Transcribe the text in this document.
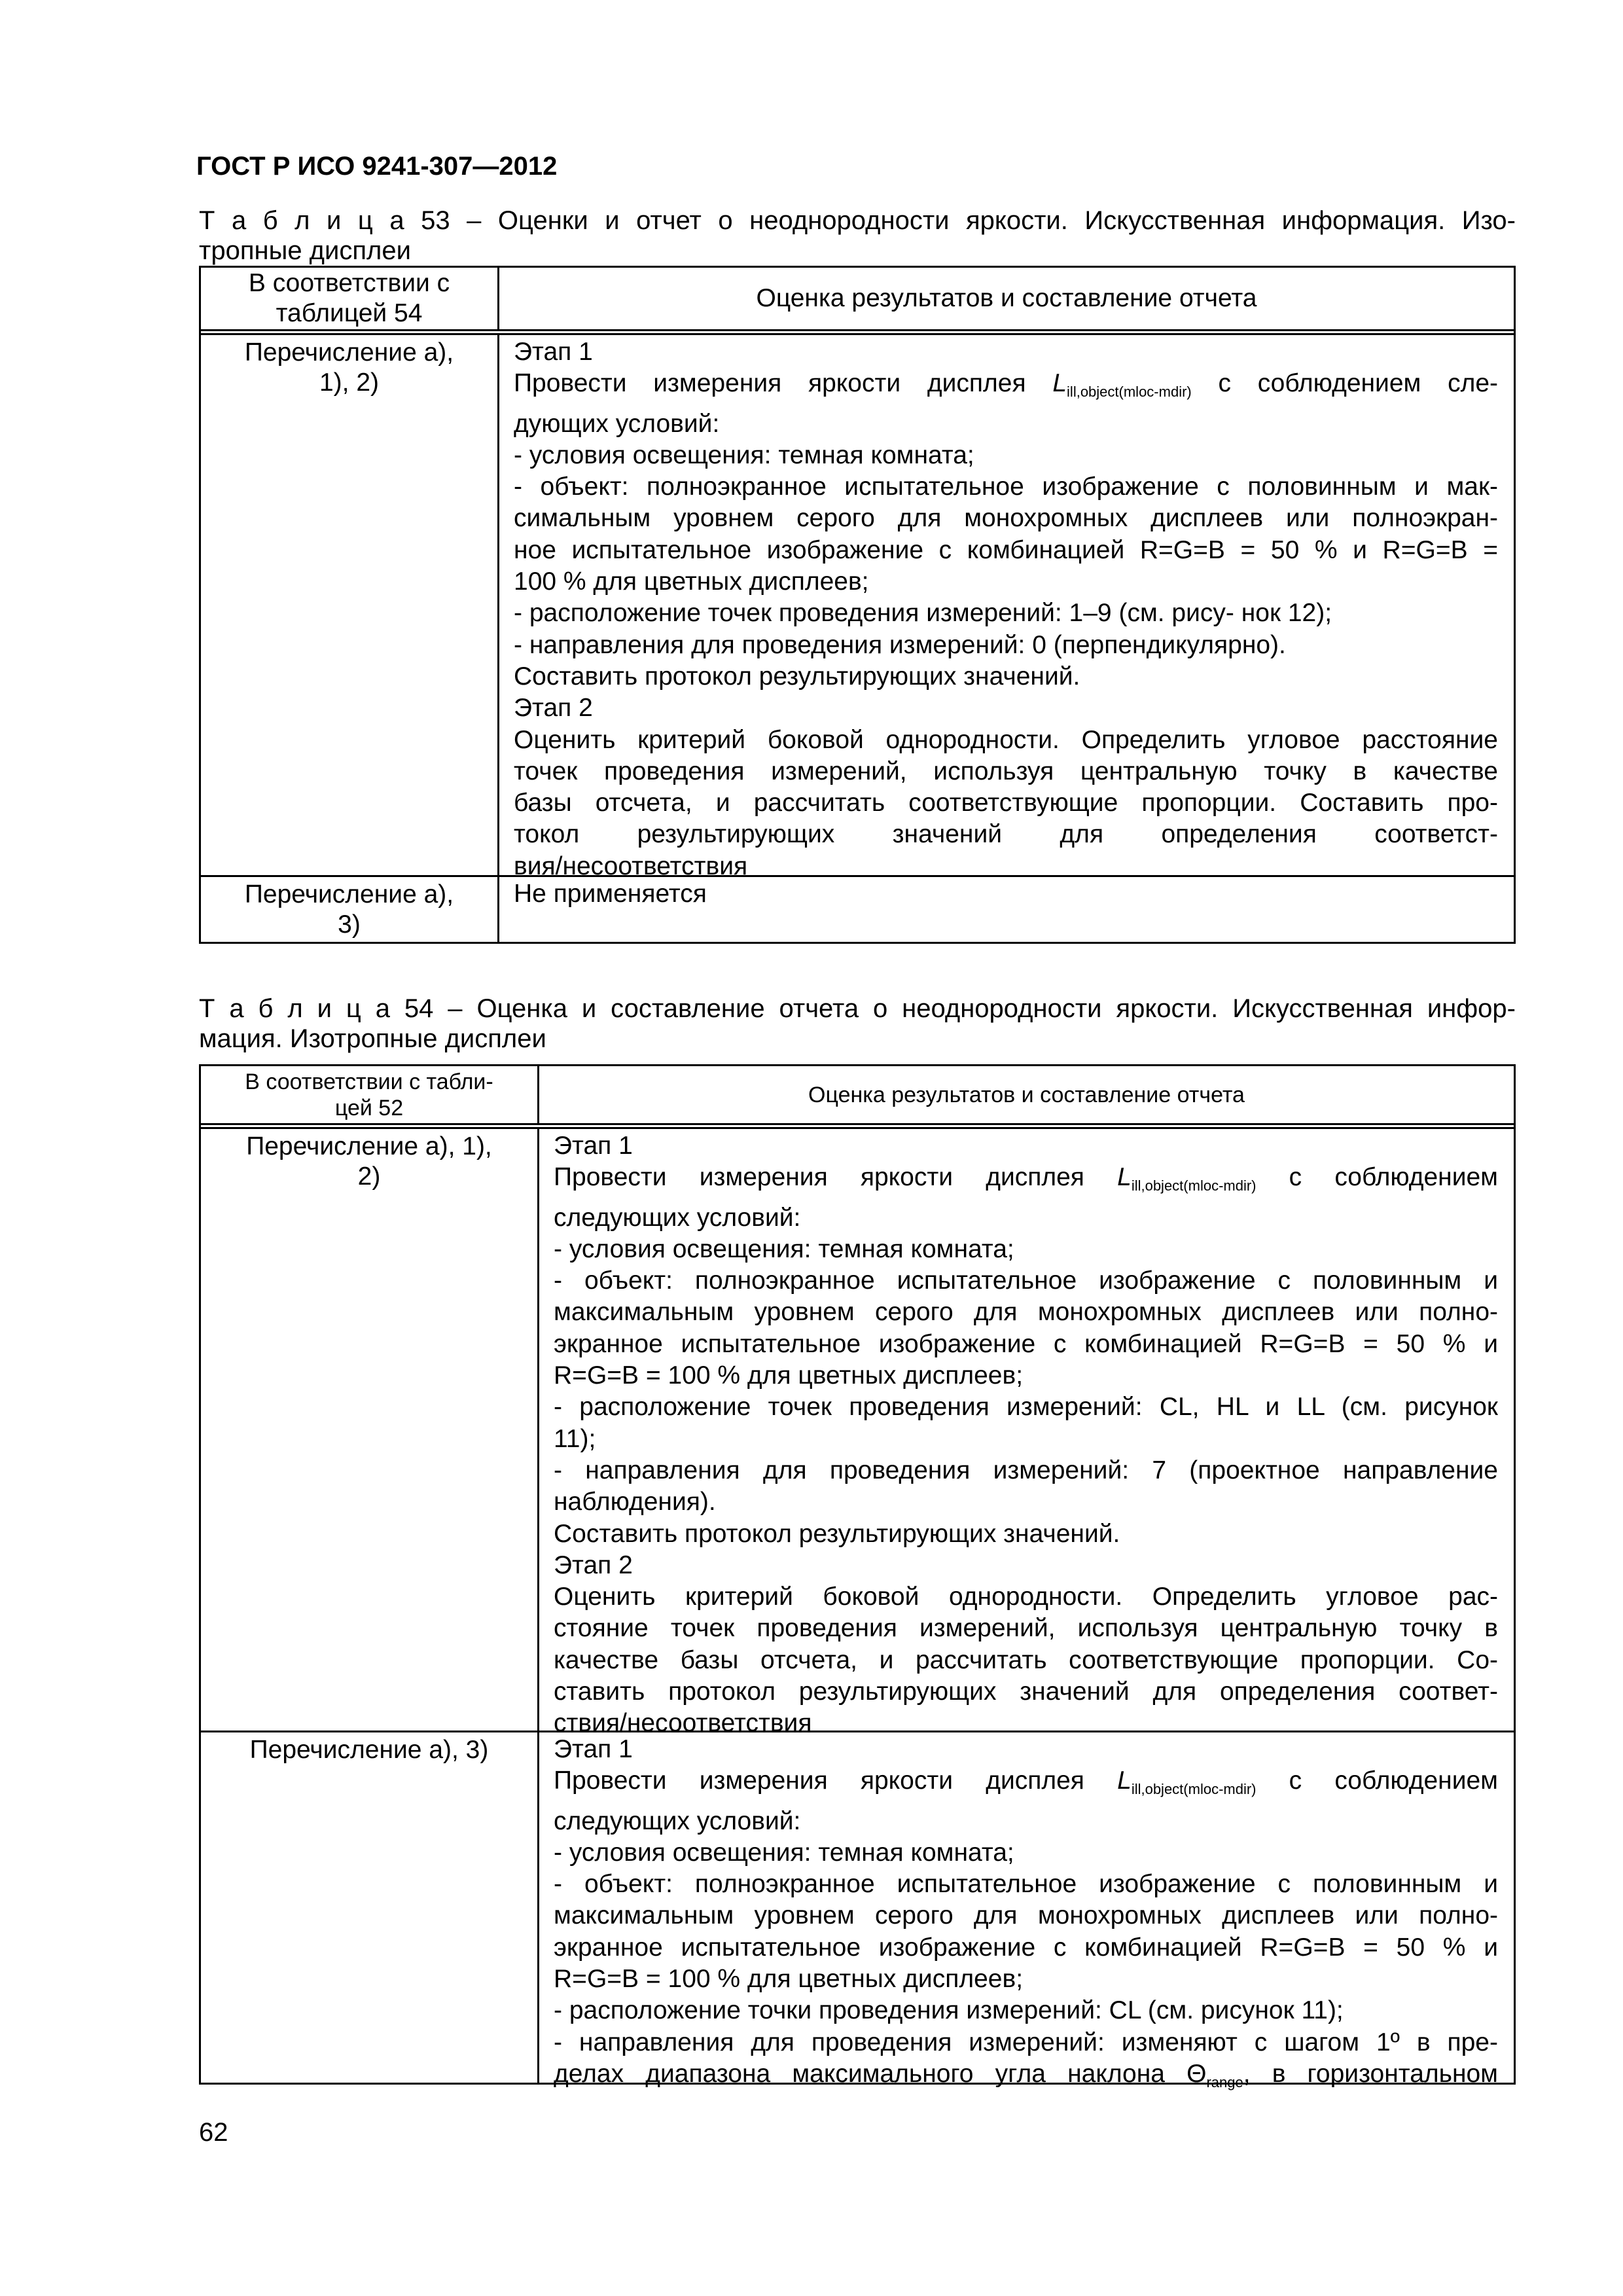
ГОСТ Р ИСО 9241-307—2012
Т а б л и ц а 53 – Оценки и отчет о неоднородности яркости. Искусственная информация. Изо-
тропные дисплеи
В соответствии с таблицей 54
Оценка результатов и составление отчета
Перечисление а),
1), 2)
Этап 1
Провести измерения яркости дисплея $L_{ill,object(mloc-mdir)}$ с соблюдением сле-
дующих условий:
- условия освещения: темная комната;
- объект: полноэкранное испытательное изображение с половинным и мак-
симальным уровнем серого для монохромных дисплеев или полноэкран-
ное испытательное изображение с комбинацией R=G=B = 50 % и R=G=B =
100 % для цветных дисплеев;
- расположение точек проведения измерений: 1–9 (см. рису- нок 12);
- направления для проведения измерений: 0 (перпендикулярно).
Составить протокол результирующих значений.
Этап 2
Оценить критерий боковой однородности. Определить угловое расстояние
точек проведения измерений, используя центральную точку в качестве
базы отсчета, и рассчитать соответствующие пропорции. Составить про-
токол результирующих значений для определения соответст-
вия/несоответствия
Перечисление а),
3)
Не применяется
Т а б л и ц а 54 – Оценка и составление отчета о неоднородности яркости. Искусственная инфор-
мация. Изотропные дисплеи
В соответствии с табли-цей 52
Оценка результатов и составление отчета
Перечисление а), 1),
2)
Этап 1
Провести измерения яркости дисплея $L_{ill,object(mloc-mdir)}$ с соблюдением
следующих условий:
- условия освещения: темная комната;
- объект: полноэкранное испытательное изображение с половинным и
максимальным уровнем серого для монохромных дисплеев или полно-
экранное испытательное изображение с комбинацией R=G=B = 50 % и
R=G=B = 100 % для цветных дисплеев;
- расположение точек проведения измерений: CL, HL и LL (см. рисунок
11);
- направления для проведения измерений: 7 (проектное направление
наблюдения).
Составить протокол результирующих значений.
Этап 2
Оценить критерий боковой однородности. Определить угловое рас-
стояние точек проведения измерений, используя центральную точку в
качестве базы отсчета, и рассчитать соответствующие пропорции. Со-
ставить протокол результирующих значений для определения соответ-
ствия/несоответствия
Перечисление а), 3)	Этап 1
Провести измерения яркости дисплея $L_{ill,object(mloc-mdir)}$ с соблюдением
следующих условий:
- условия освещения: темная комната;
- объект: полноэкранное испытательное изображение с половинным и
максимальным уровнем серого для монохромных дисплеев или полно-
экранное испытательное изображение с комбинацией R=G=B = 50 % и
R=G=B = 100 % для цветных дисплеев;
- расположение точки проведения измерений: CL (см. рисунок 11);
- направления для проведения измерений: изменяют с шагом 1º в пре-
делах диапазона максимального угла наклона $\Theta_{range}$, в горизонтальном
62
